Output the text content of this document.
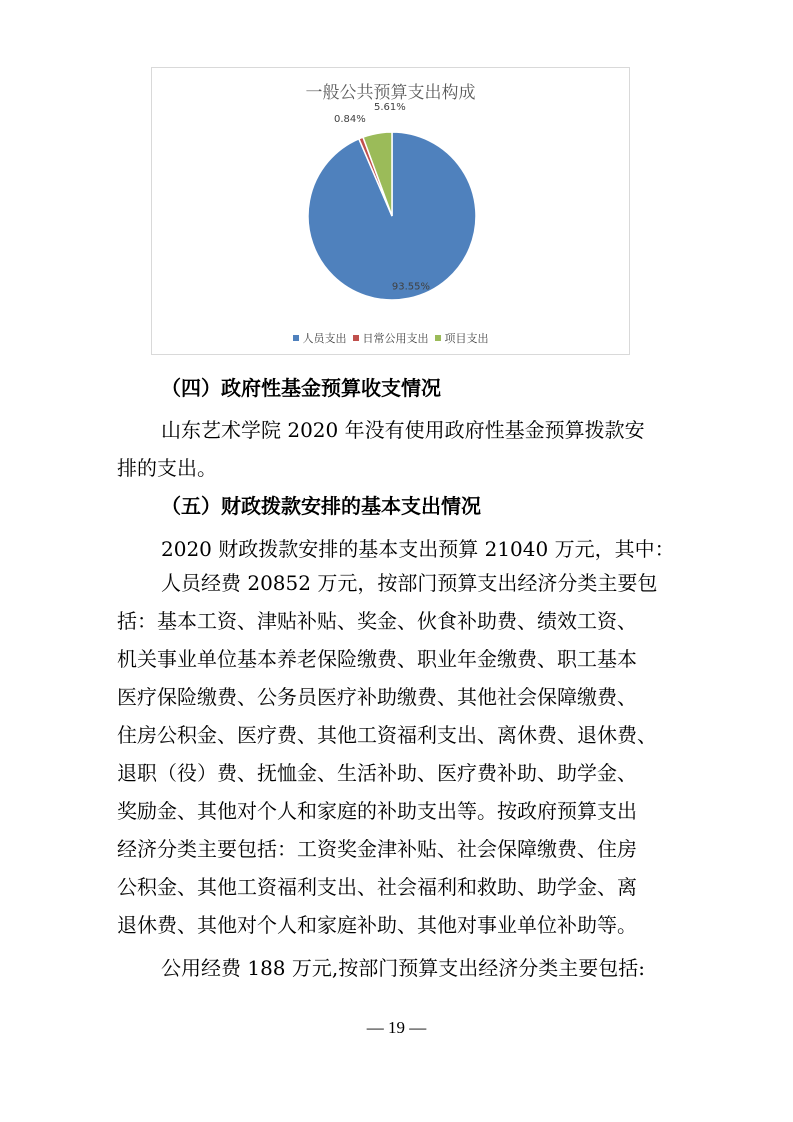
93.55%
0.84%
5.61%
一般公共预算支出构成
人员支出 日常公用支出 项目支出
（四）政府性基金预算收支情况
山东艺术学院 2020 年没有使用政府性基金预算拨款安
排的支出。
（五）财政拨款安排的基本支出情况
2020 财政拨款安排的基本支出预算 21040 万元，其中：
人员经费 20852 万元，按部门预算支出经济分类主要包
括：基本工资、津贴补贴、奖金、伙食补助费、绩效工资、
机关事业单位基本养老保险缴费、职业年金缴费、职工基本
医疗保险缴费、公务员医疗补助缴费、其他社会保障缴费、
住房公积金、医疗费、其他工资福利支出、离休费、退休费、
退职（役）费、抚恤金、生活补助、医疗费补助、助学金、
奖励金、其他对个人和家庭的补助支出等。按政府预算支出
经济分类主要包括：工资奖金津补贴、社会保障缴费、住房
公积金、其他工资福利支出、社会福利和救助、助学金、离
退休费、其他对个人和家庭补助、其他对事业单位补助等。
公用经费 188 万元,按部门预算支出经济分类主要包括:
— 19 —
